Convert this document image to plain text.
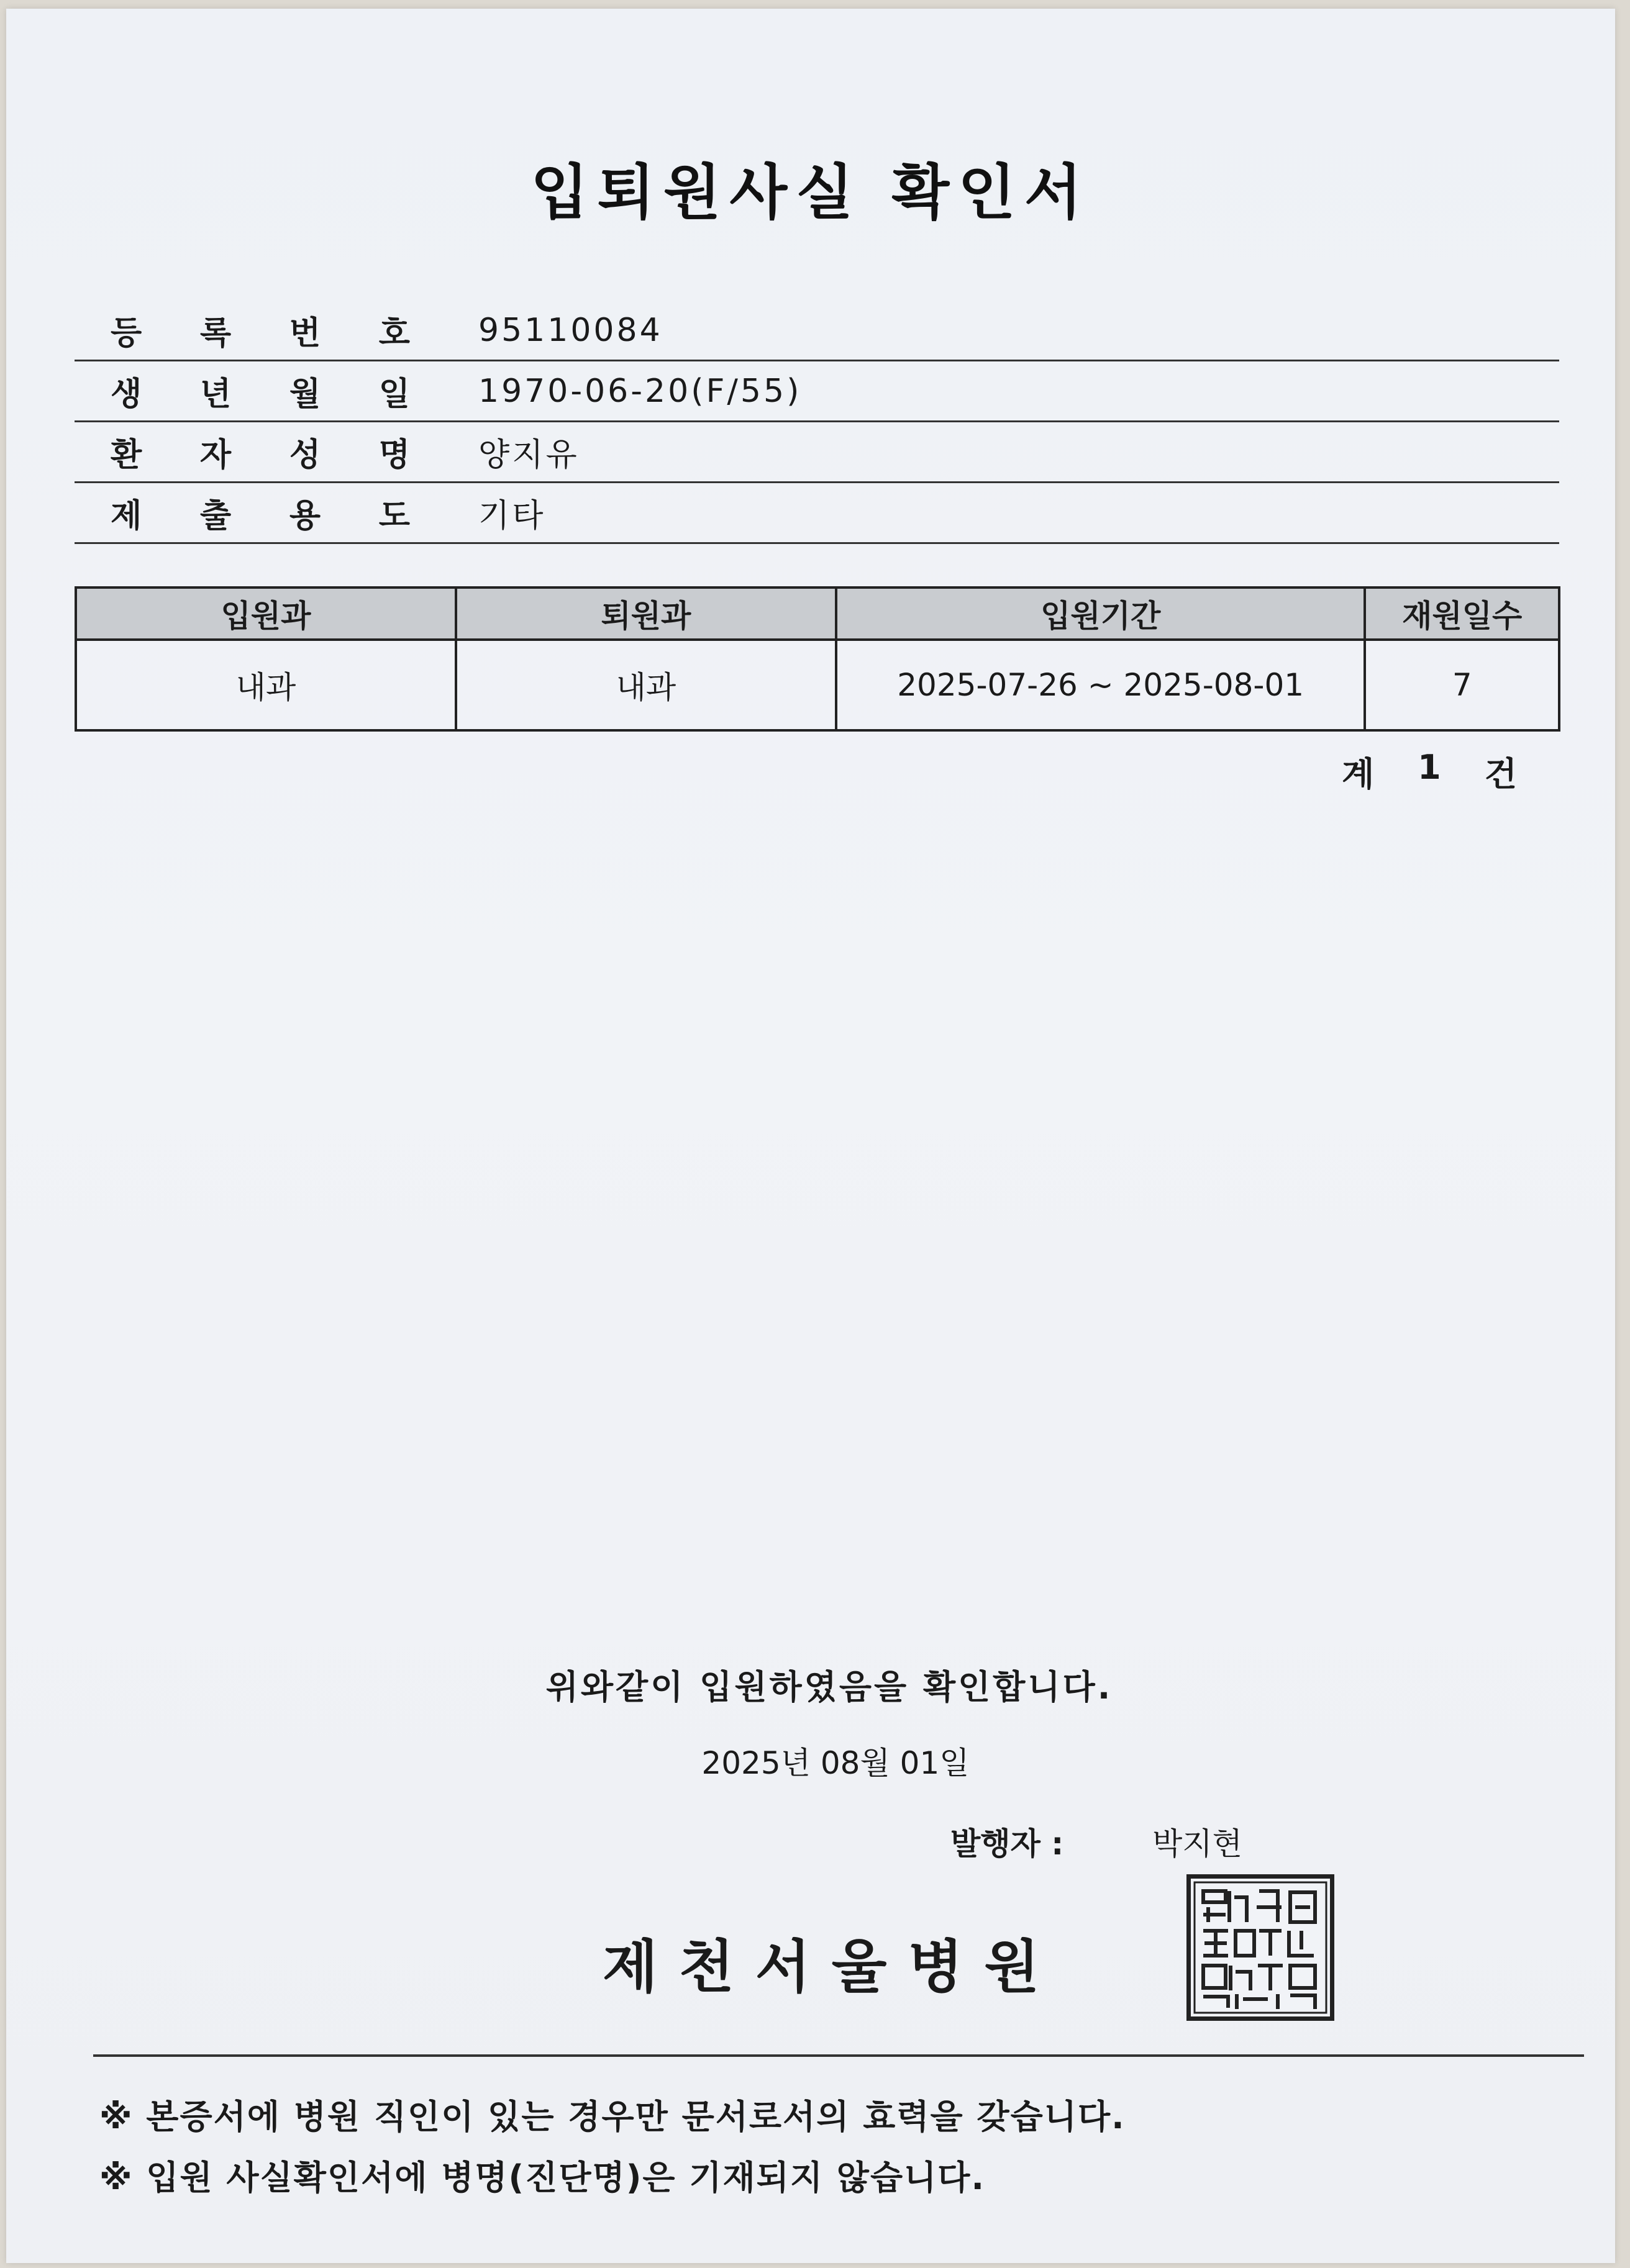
입퇴원사실 확인서
등 록 번 호 95110084
생 년 월 일 1970-06-20(F/55)
환 자 성 명 양지유
제 출 용 도 기타
입원과	퇴원과	입원기간	재원일수
내과	내과	2025-07-26 ~ 2025-08-01	7
계 1 건
위와같이 입원하였음을 확인합니다.
2025년 08월 01일
발행자 :	박지현
제천서울병원
※ 본증서에 병원 직인이 있는 경우만 문서로서의 효력을 갖습니다.
※ 입원 사실확인서에 병명(진단명)은 기재되지 않습니다.
